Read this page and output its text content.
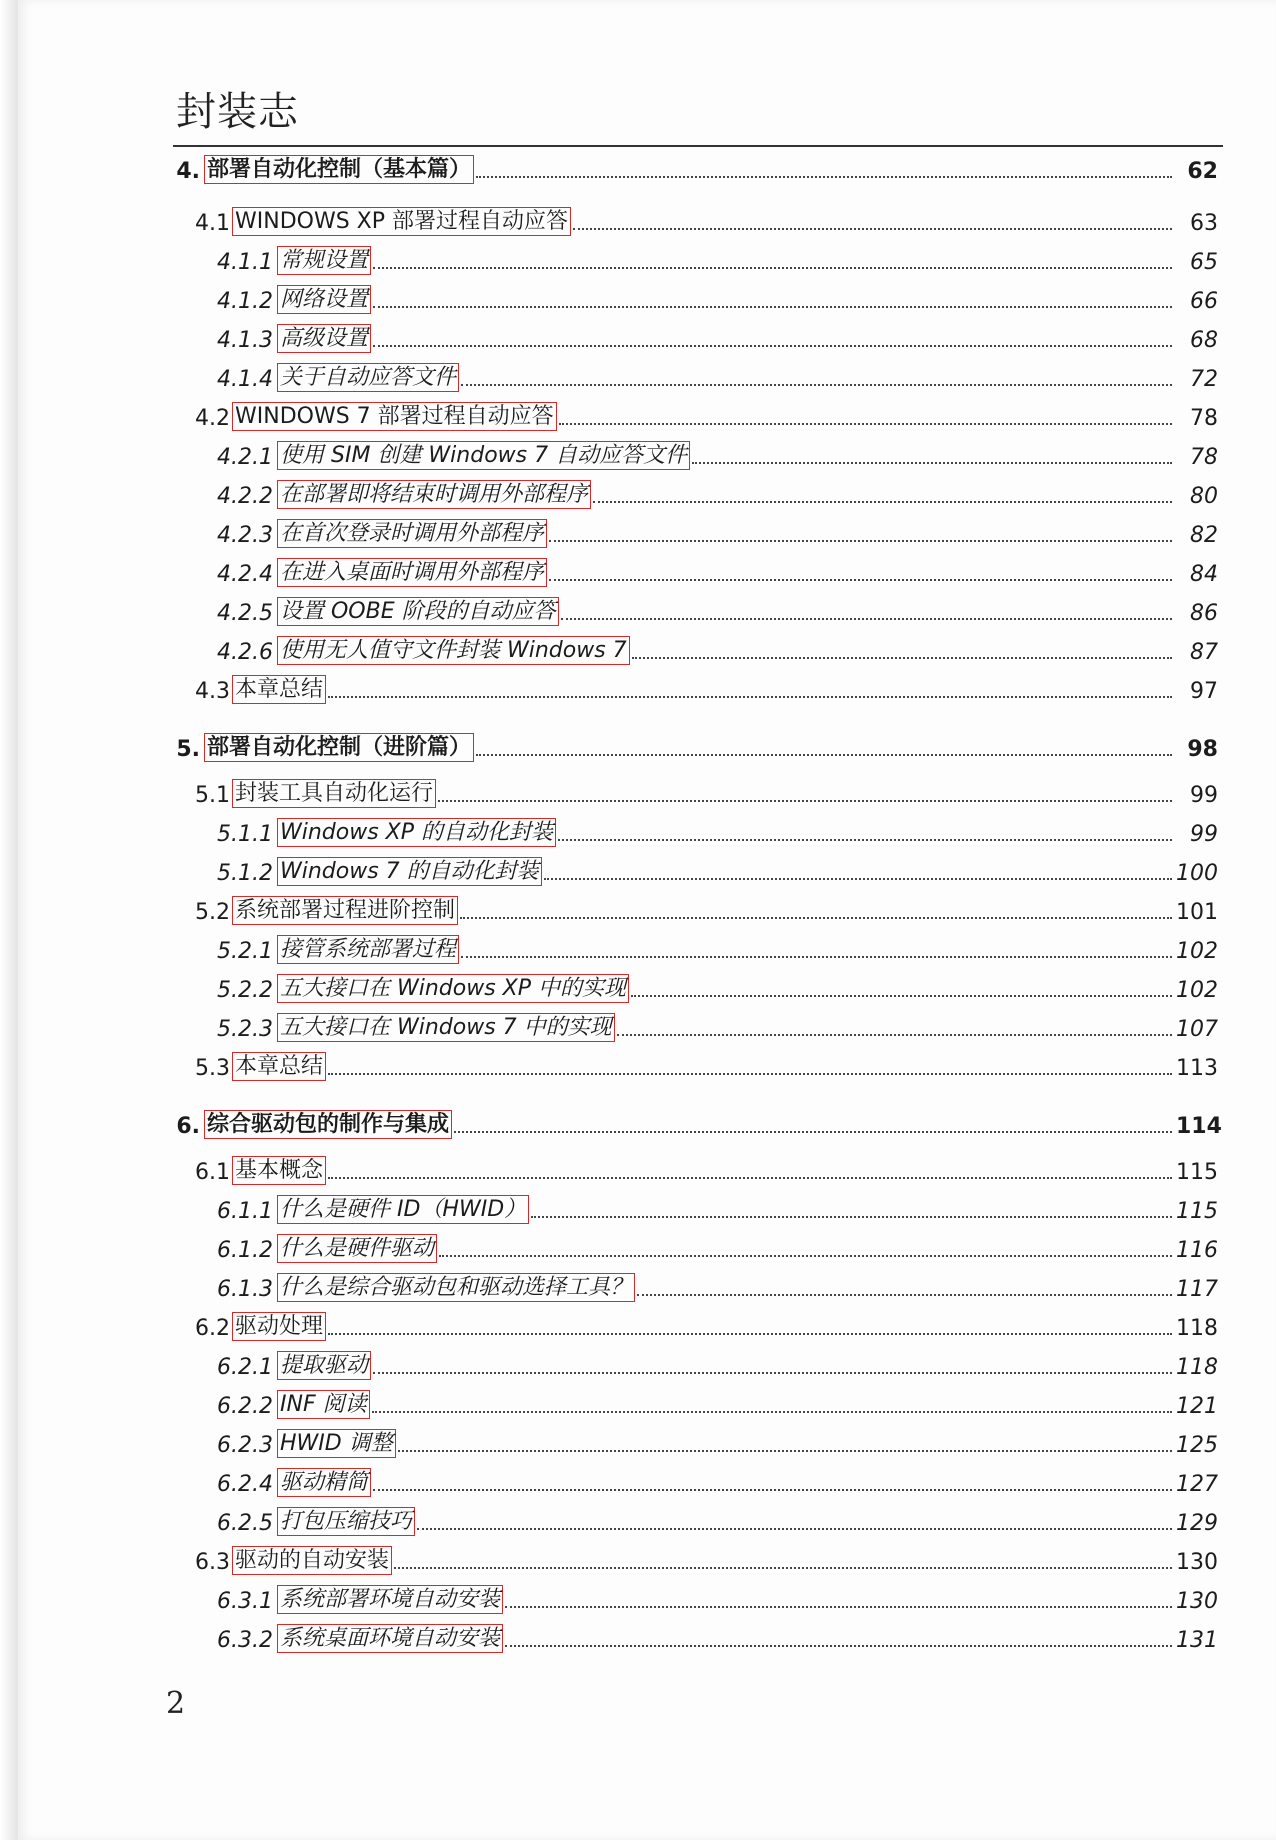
封装志
4. 部署自动化控制（基本篇）	62
4.1 WINDOWS XP 部署过程自动应答	63
4.1.1 常规设置	65
4.1.2 网络设置	66
4.1.3 高级设置	68
4.1.4 关于自动应答文件	72
4.2 WINDOWS 7 部署过程自动应答	78
4.2.1 使用 SIM 创建 Windows 7 自动应答文件	78
4.2.2 在部署即将结束时调用外部程序	80
4.2.3 在首次登录时调用外部程序	82
4.2.4 在进入桌面时调用外部程序	84
4.2.5 设置 OOBE 阶段的自动应答	86
4.2.6 使用无人值守文件封装 Windows 7	87
4.3 本章总结	97
5. 部署自动化控制（进阶篇）	98
5.1 封装工具自动化运行	99
5.1.1 Windows XP 的自动化封装	99
5.1.2 Windows 7 的自动化封装	100
5.2 系统部署过程进阶控制	101
5.2.1 接管系统部署过程	102
5.2.2 五大接口在 Windows XP 中的实现	102
5.2.3 五大接口在 Windows 7 中的实现	107
5.3 本章总结	113
6. 综合驱动包的制作与集成	114
6.1 基本概念	115
6.1.1 什么是硬件 ID（HWID）	115
6.1.2 什么是硬件驱动	116
6.1.3 什么是综合驱动包和驱动选择工具？	117
6.2 驱动处理	118
6.2.1 提取驱动	118
6.2.2 INF 阅读	121
6.2.3 HWID 调整	125
6.2.4 驱动精简	127
6.2.5 打包压缩技巧	129
6.3 驱动的自动安装	130
6.3.1 系统部署环境自动安装	130
6.3.2 系统桌面环境自动安装	131
2
